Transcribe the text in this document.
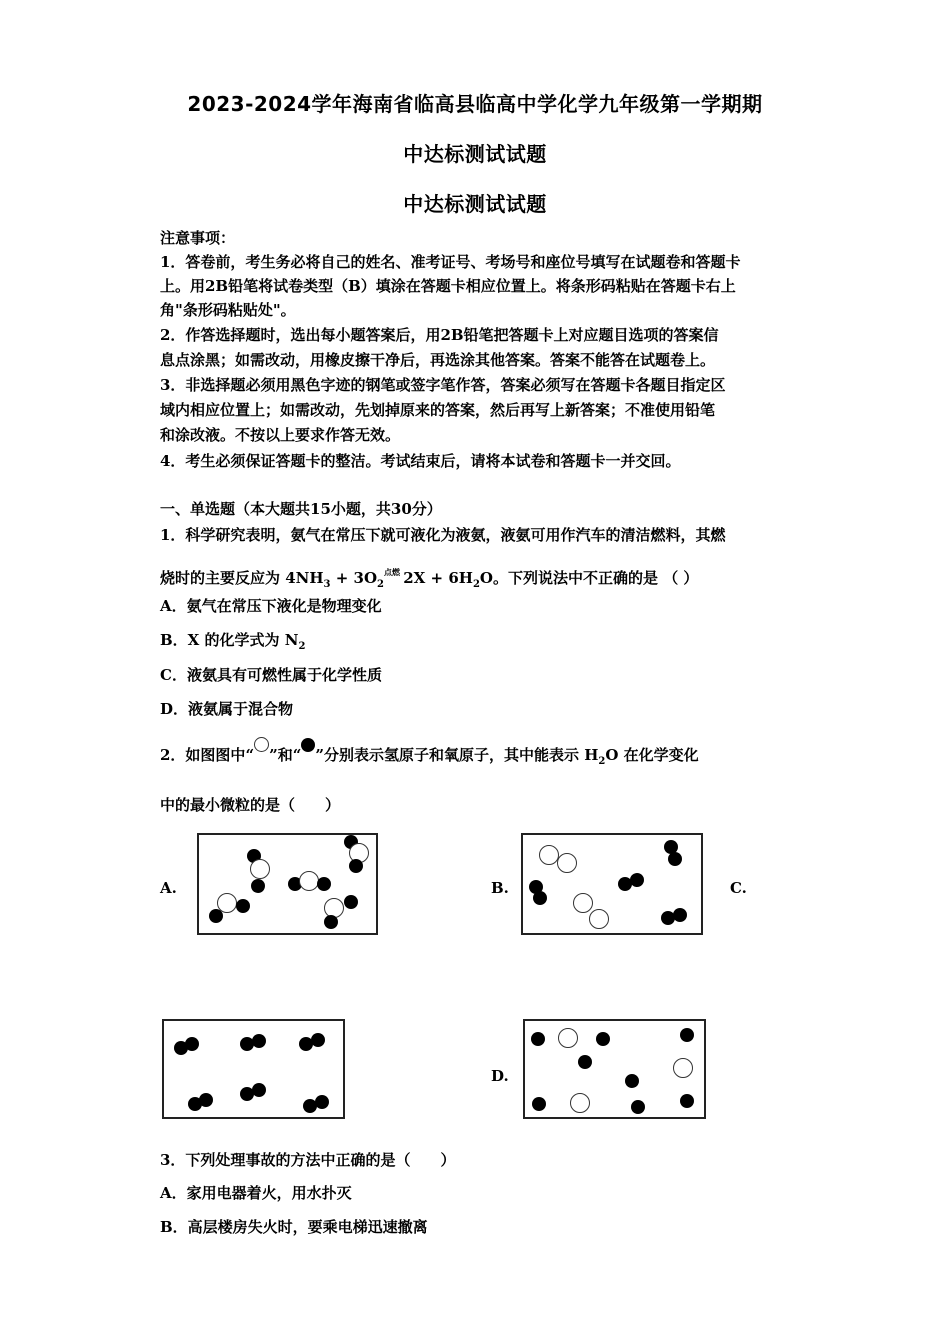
2023-2024学年海南省临高县临高中学化学九年级第一学期期
中达标测试试题
中达标测试试题
注意事项：
1．答卷前，考生务必将自己的姓名、准考证号、考场号和座位号填写在试题卷和答题卡
上。用2B铅笔将试卷类型（B）填涂在答题卡相应位置上。将条形码粘贴在答题卡右上
角"条形码粘贴处"。
2．作答选择题时，选出每小题答案后，用2B铅笔把答题卡上对应题目选项的答案信
息点涂黑；如需改动，用橡皮擦干净后，再选涂其他答案。答案不能答在试题卷上。
3．非选择题必须用黑色字迹的钢笔或签字笔作答，答案必须写在答题卡各题目指定区
域内相应位置上；如需改动，先划掉原来的答案，然后再写上新答案；不准使用铅笔
和涂改液。不按以上要求作答无效。
4．考生必须保证答题卡的整洁。考试结束后，请将本试卷和答题卡一并交回。
一、单选题（本大题共15小题，共30分）
1．科学研究表明，氨气在常压下就可液化为液氨，液氨可用作汽车的清洁燃料，其燃
烧时的主要反应为 $4NH_3 + 3O_2^{点燃}$ $2X + 6H_2O$。下列说法中不正确的是 （ ）
A．氨气在常压下液化是物理变化
B．X 的化学式为 $N_2$
C．液氨具有可燃性属于化学性质
D．液氨属于混合物
2．如图图中“ ”和“ ”分别表示氢原子和氧原子，其中能表示 $H_2O$ 在化学变化
中的最小微粒的是（　　）
A.	B.	C.
D.
3．下列处理事故的方法中正确的是（　　）
A．家用电器着火，用水扑灭
B．高层楼房失火时，要乘电梯迅速撤离
